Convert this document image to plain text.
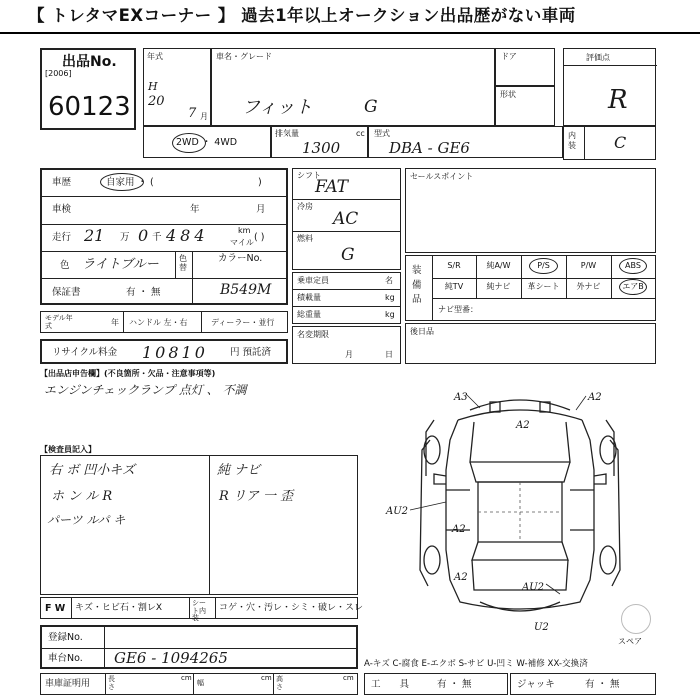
【 トレタマEXコーナー 】 過去1年以上オークション出品歴がない車両
出品No.
[2006]
60123
年式
H
20
7 月
車名・グレード
フィット	G
ドア
形状
評価点
R
内装 C
2WD ・ 4WD
排気量	cc
1300
型式
DBA - GE6
車歴	自家用 ・ (	)
車検	年	月
走行 21 万 0 千 484	km
マイル ( )
色 ライトブルー	色替
カラーNo.
保証書	有 ・ 無	B549M
モデル年式	年 ハンドル 左・右	ディーラー・並行
リサイクル料金 10810 円 預託済
シフト
FAT
冷房
AC
燃料
G
乗車定員	名
積載量	kg
総重量	kg
名変期限
月	日
セールスポイント
装備品
ナビ型番：
S/R	純A/W	P/S	P/W	ABS
純TV	純ナビ	革シート	外ナビ	エアB
後日品
【出品店申告欄】(不良箇所・欠品・注意事項等)
エンジンチェックランプ 点灯 、 不調
【検査員記入】
右 ボ 凹小キズ
ホ ン ル R
パーツ ルパ キ
純 ナビ
R リア 一 歪
A3	A2
A2
AU2
A2
A2
AU2
U2
スペア
F W キズ・ヒビ石・割レX	シート内装
コゲ・穴・汚レ・シミ・破レ・スレ
登録No.
車台No. GE6 - 1094265
車庫証明用	長さ
cm
幅
cm 高さ
cm
A-キズ C-腐食 E-エクボ S-サビ U-凹ミ W-補修 XX-交換済
工　　具	有 ・ 無	ジャッキ	有 ・ 無
